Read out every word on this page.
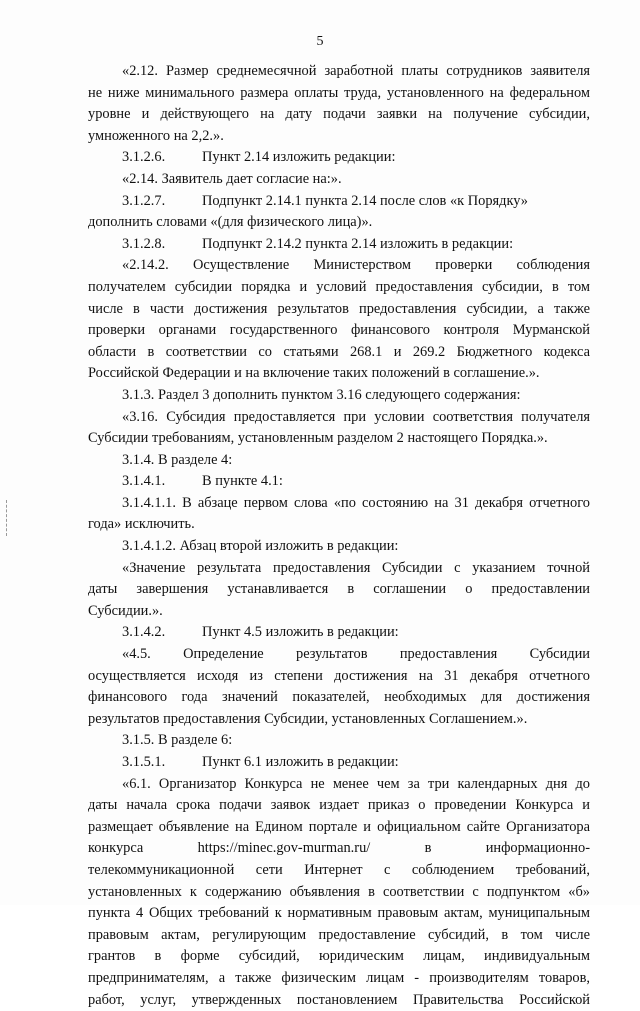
5
«2.12. Размер среднемесячной заработной платы сотрудников заявителя
не ниже минимального размера оплаты труда, установленного на федеральном
уровне и действующего на дату подачи заявки на получение субсидии,
умноженного на 2,2.».
3.1.2.6.	Пункт 2.14 изложить редакции:
«2.14. Заявитель дает согласие на:».
3.1.2.7.	Подпункт 2.14.1 пункта 2.14 после слов «к Порядку»
дополнить словами «(для физического лица)».
3.1.2.8.	Подпункт 2.14.2 пункта 2.14 изложить в редакции:
«2.14.2. Осуществление Министерством проверки соблюдения
получателем субсидии порядка и условий предоставления субсидии, в том
числе в части достижения результатов предоставления субсидии, а также
проверки органами государственного финансового контроля Мурманской
области в соответствии со статьями 268.1 и 269.2 Бюджетного кодекса
Российской Федерации и на включение таких положений в соглашение.».
3.1.3. Раздел 3 дополнить пунктом 3.16 следующего содержания:
«3.16. Субсидия предоставляется при условии соответствия получателя
Субсидии требованиям, установленным разделом 2 настоящего Порядка.».
3.1.4. В разделе 4:
3.1.4.1.	В пункте 4.1:
3.1.4.1.1. В абзаце первом слова «по состоянию на 31 декабря отчетного
года» исключить.
3.1.4.1.2. Абзац второй изложить в редакции:
«Значение результата предоставления Субсидии с указанием точной
даты завершения устанавливается в соглашении о предоставлении
Субсидии.».
3.1.4.2.	Пункт 4.5 изложить в редакции:
«4.5. Определение результатов предоставления Субсидии
осуществляется исходя из степени достижения на 31 декабря отчетного
финансового года значений показателей, необходимых для достижения
результатов предоставления Субсидии, установленных Соглашением.».
3.1.5. В разделе 6:
3.1.5.1.	Пункт 6.1 изложить в редакции:
«6.1. Организатор Конкурса не менее чем за три календарных дня до
даты начала срока подачи заявок издает приказ о проведении Конкурса и
размещает объявление на Едином портале и официальном сайте Организатора
конкурса https://minec.gov-murman.ru/ в информационно-
телекоммуникационной сети Интернет с соблюдением требований,
установленных к содержанию объявления в соответствии с подпунктом «б»
пункта 4 Общих требований к нормативным правовым актам, муниципальным
правовым актам, регулирующим предоставление субсидий, в том числе
грантов в форме субсидий, юридическим лицам, индивидуальным
предпринимателям, а также физическим лицам - производителям товаров,
работ, услуг, утвержденных постановлением Правительства Российской
